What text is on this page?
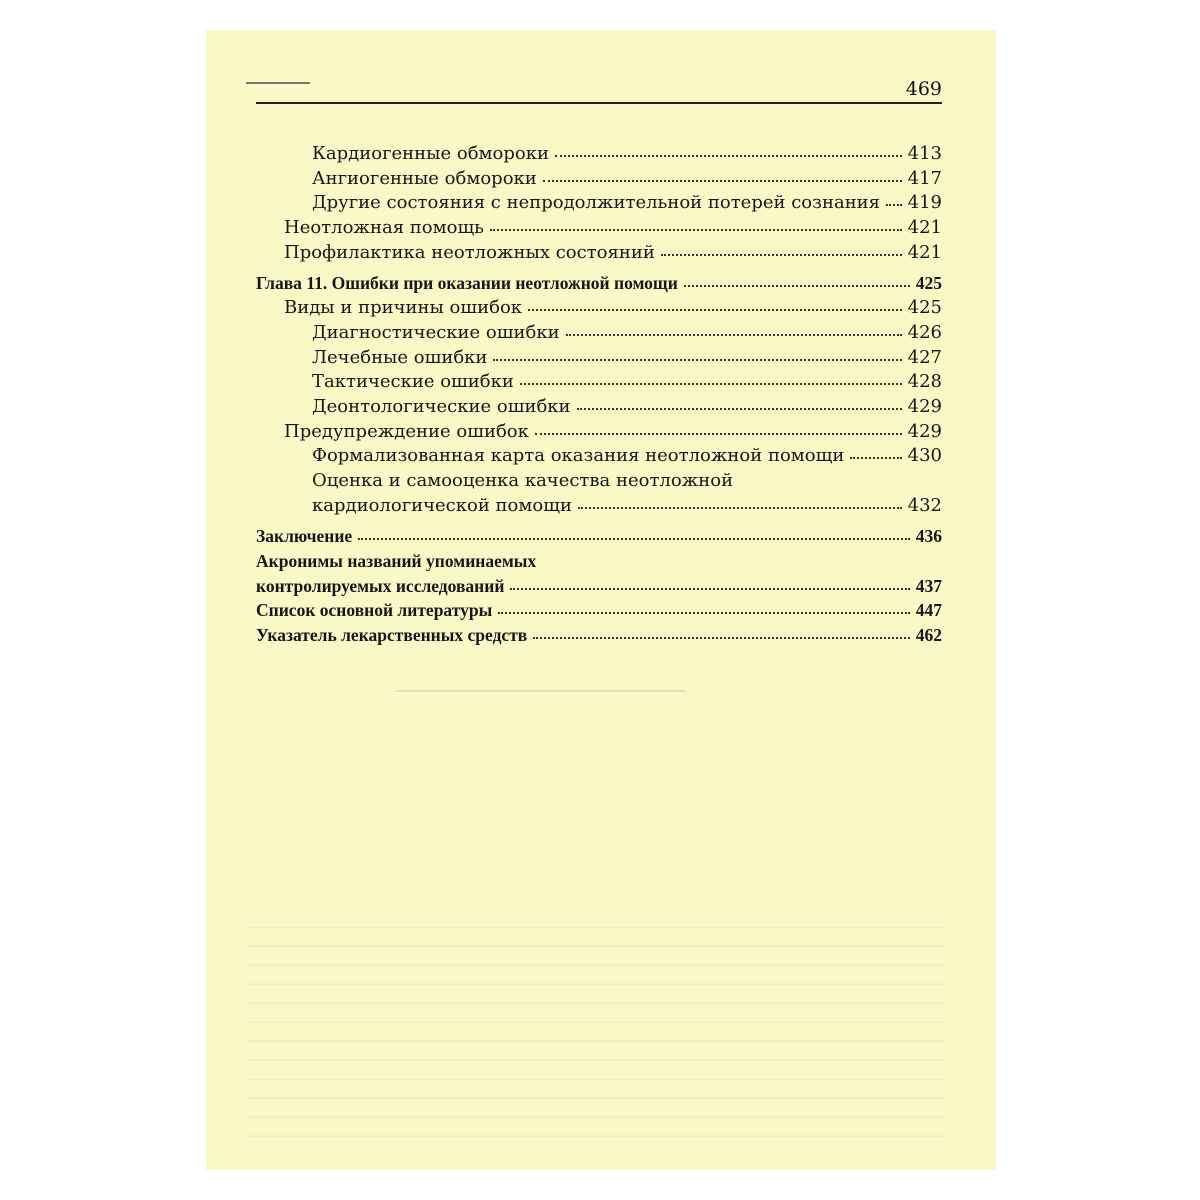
469
Кардиогенные обмороки	413
Ангиогенные обмороки	417
Другие состояния с непродолжительной потерей сознания 419
Неотложная помощь	421
Профилактика неотложных состояний	421
Глава 11. Ошибки при оказании неотложной помощи	425
Виды и причины ошибок	425
Диагностические ошибки	426
Лечебные ошибки	427
Тактические ошибки	428
Деонтологические ошибки	429
Предупреждение ошибок	429
Формализованная карта оказания неотложной помощи	430
Оценка и самооценка качества неотложной
кардиологической помощи	432
Заключение	436
Акронимы названий упоминаемых
контролируемых исследований	437
Список основной литературы	447
Указатель лекарственных средств	462
